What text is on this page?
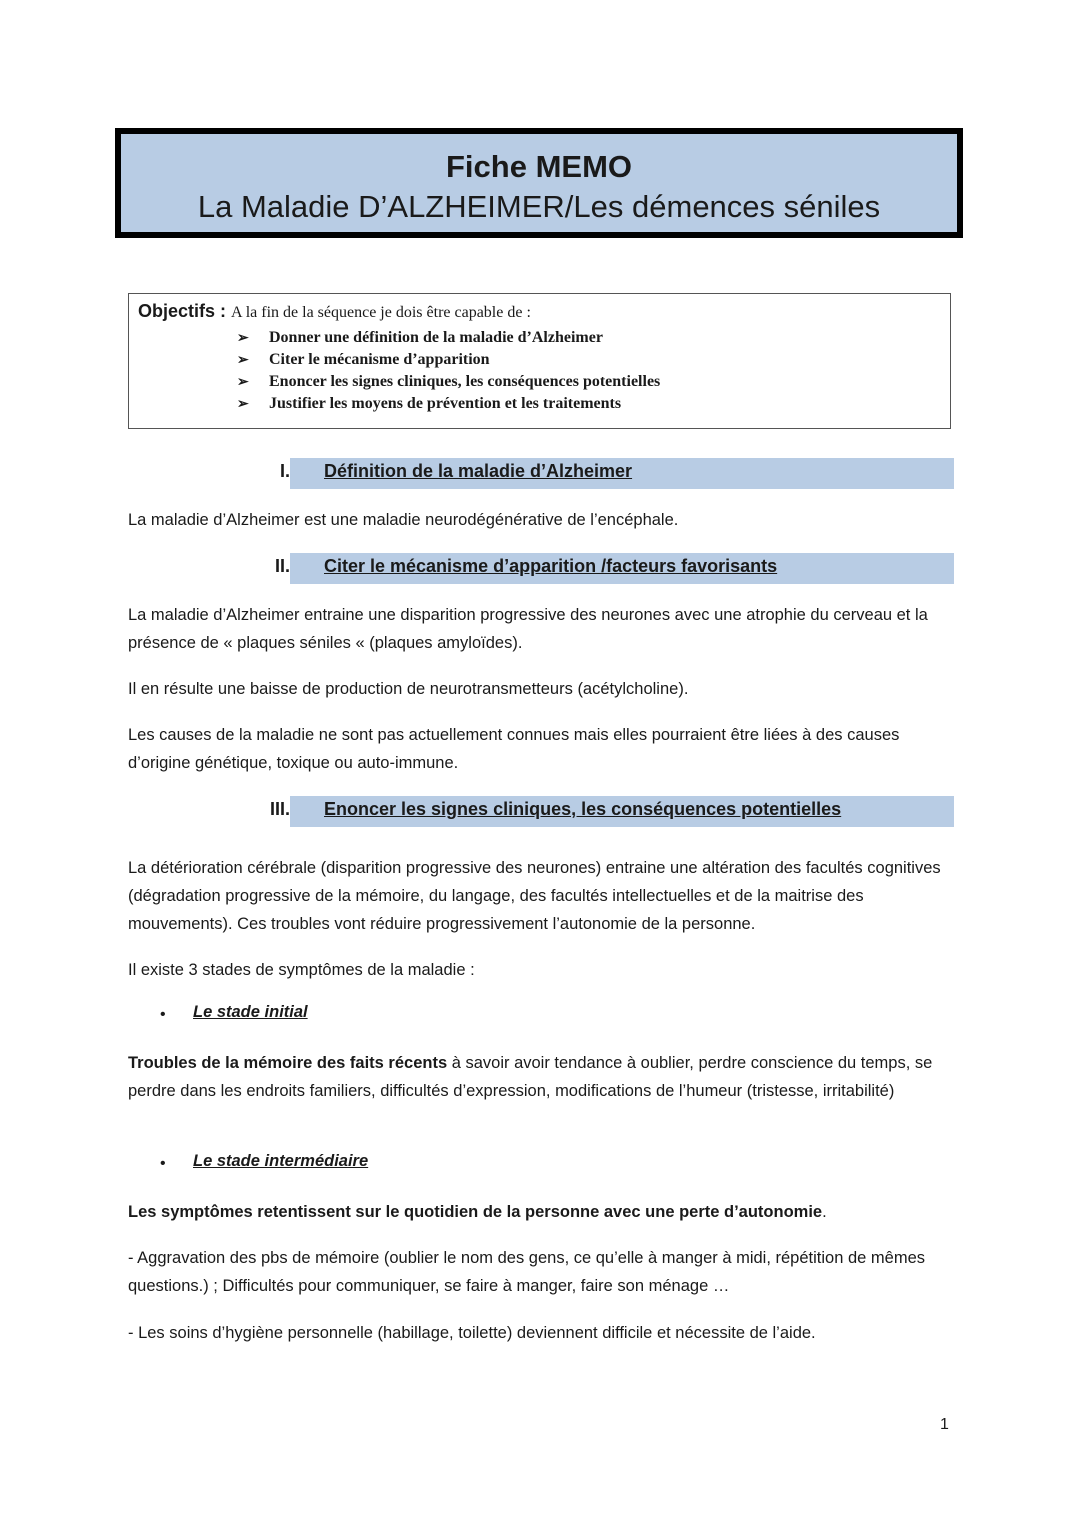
Fiche MEMO
La Maladie D’ALZHEIMER/Les démences séniles
Objectifs : A la fin de la séquence je dois être capable de :
➢ Donner une définition de la maladie d’Alzheimer
➢ Citer le mécanisme d’apparition
➢ Enoncer les signes cliniques, les conséquences potentielles
➢ Justifier les moyens de prévention et les traitements
I. Définition de la maladie d’Alzheimer

La maladie d’Alzheimer est une maladie neurodégénérative de l’encéphale.

II. Citer le mécanisme d’apparition /facteurs favorisants

La maladie d’Alzheimer entraine une disparition progressive des neurones avec une atrophie du cerveau et la présence de « plaques séniles « (plaques amyloïdes).

Il en résulte une baisse de production de neurotransmetteurs (acétylcholine).

Les causes de la maladie ne sont pas actuellement connues mais elles pourraient être liées à des causes d’origine génétique, toxique ou auto-immune.

III. Enoncer les signes cliniques, les conséquences potentielles

La détérioration cérébrale (disparition progressive des neurones) entraine une altération des facultés cognitives (dégradation progressive de la mémoire, du langage, des facultés intellectuelles et de la maitrise des mouvements). Ces troubles vont réduire progressivement l’autonomie de la personne.

Il existe 3 stades de symptômes de la maladie :

• Le stade initial

Troubles de la mémoire des faits récents à savoir avoir tendance à oublier, perdre conscience du temps, se perdre dans les endroits familiers, difficultés d’expression, modifications de l’humeur (tristesse, irritabilité)

• Le stade intermédiaire

Les symptômes retentissent sur le quotidien de la personne avec une perte d’autonomie.

- Aggravation des pbs de mémoire (oublier le nom des gens, ce qu’elle à manger à midi, répétition de mêmes questions.) ; Difficultés pour communiquer, se faire à manger, faire son ménage …

- Les soins d’hygiène personnelle (habillage, toilette) deviennent difficile et nécessite de l’aide.

1
